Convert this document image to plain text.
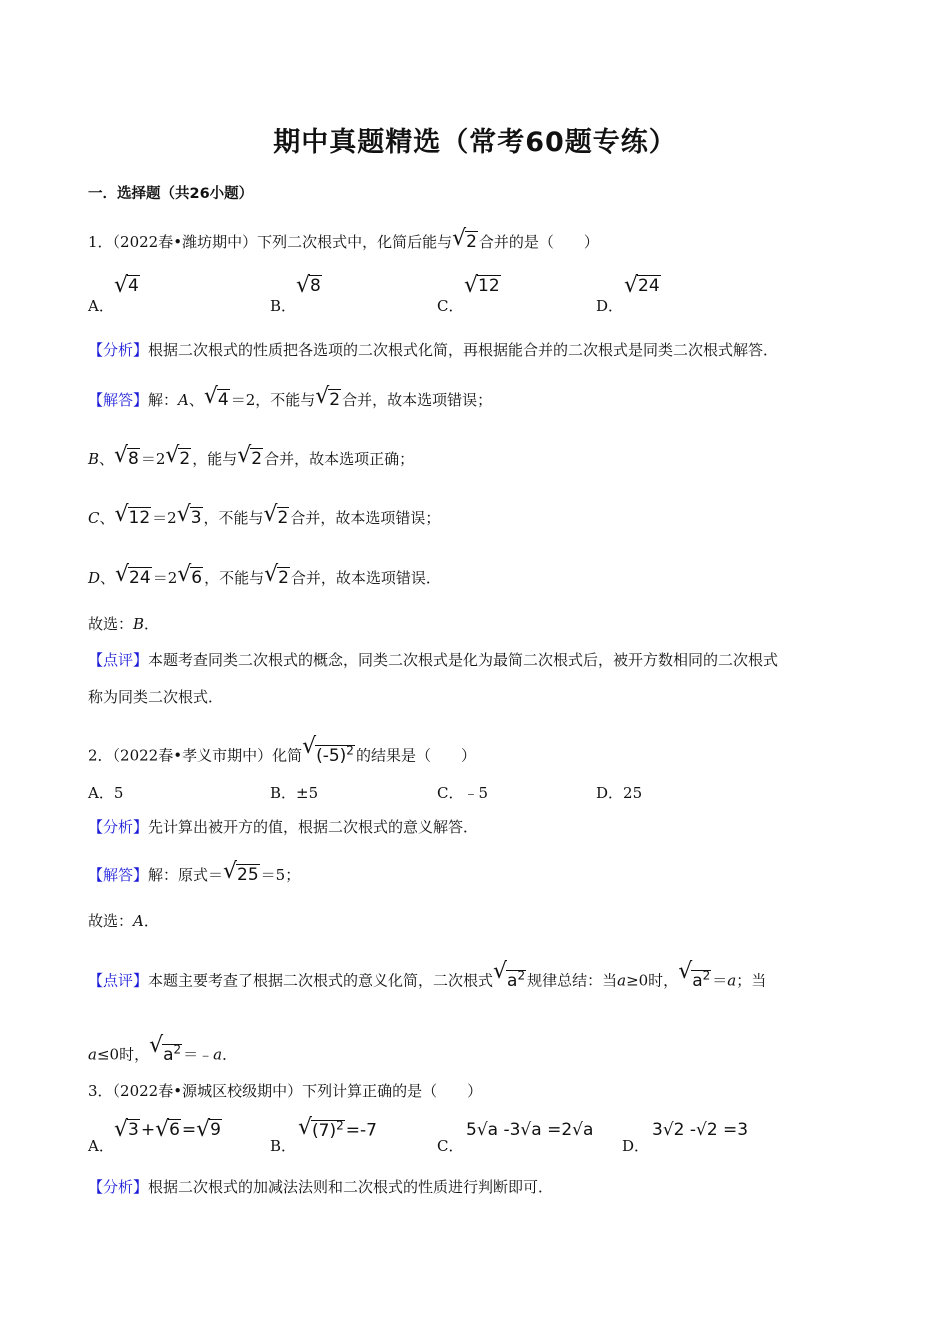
期中真题精选（常考60题专练）
一．选择题（共26小题）
1．（2022春•潍坊期中）下列二次根式中，化简后能与 √ 2 合并的是（　　）
A．
√ 4
B．
√ 8
C．
√ 12
D．
√ 24
【分析】根据二次根式的性质把各选项的二次根式化简，再根据能合并的二次根式是同类二次根式解答．
【解答】解：A、 √ 4 ＝2，不能与 √ 2 合并，故本选项错误；
B、 √ 8 ＝2 √ 2 ，能与 √ 2 合并，故本选项正确；
C、 √ 12 ＝2 √ 3 ，不能与 √ 2 合并，故本选项错误；
D、 √ 24 ＝2 √ 6 ，不能与 √ 2 合并，故本选项错误．
故选：B．
【点评】本题考查同类二次根式的概念，同类二次根式是化为最简二次根式后，被开方数相同的二次根式
称为同类二次根式．
2．（2022春•孝义市期中）化简 √ $(-5)^2$ 的结果是（　　）
A．5	B．±5	C．﹣5	D．25
【分析】先计算出被开方的值，根据二次根式的意义解答．
【解答】解：原式＝ √ 25 ＝5；
故选：A．
【点评】本题主要考查了根据二次根式的意义化简，二次根式 √ $a^2$ 规律总结：当a≥0时， √ $a^2 =a$；当
a≤0时， √ $a^2$ ＝﹣a．
3．（2022春•源城区校级期中）下列计算正确的是（　　）
A．
√ 3 + √ 6 = √ 9
B．
√ $(7)^2 =-7$
C．
5√a -3√a =2√a
D．
3√2 -√2 =3
【分析】根据二次根式的加减法法则和二次根式的性质进行判断即可．
